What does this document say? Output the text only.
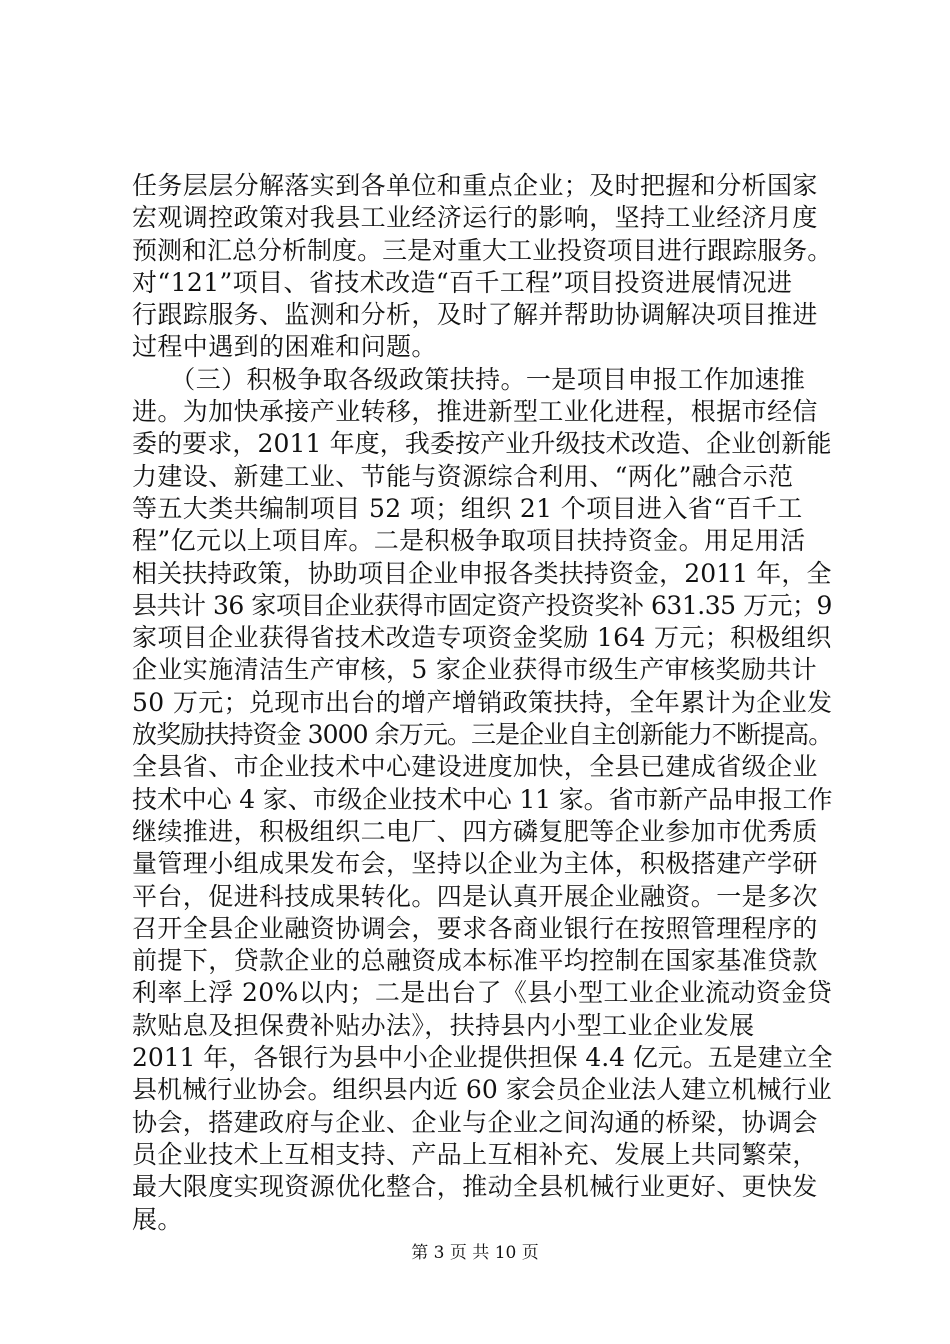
任务层层分解落实到各单位和重点企业；及时把握和分析国家
宏观调控政策对我县工业经济运行的影响，坚持工业经济月度
预测和汇总分析制度。三是对重大工业投资项目进行跟踪服务。
对“121”项目、省技术改造“百千工程”项目投资进展情况进
行跟踪服务、监测和分析，及时了解并帮助协调解决项目推进
过程中遇到的困难和问题。
　　（三）积极争取各级政策扶持。一是项目申报工作加速推
进。为加快承接产业转移，推进新型工业化进程，根据市经信
委的要求，2011 年度，我委按产业升级技术改造、企业创新能
力建设、新建工业、节能与资源综合利用、“两化”融合示范
等五大类共编制项目 52 项；组织 21 个项目进入省“百千工
程”亿元以上项目库。二是积极争取项目扶持资金。用足用活
相关扶持政策，协助项目企业申报各类扶持资金，2011 年，全
县共计 36 家项目企业获得市固定资产投资奖补 631.35 万元；9
家项目企业获得省技术改造专项资金奖励 164 万元；积极组织
企业实施清洁生产审核，5 家企业获得市级生产审核奖励共计
50 万元；兑现市出台的增产增销政策扶持，全年累计为企业发
放奖励扶持资金 3000 余万元。三是企业自主创新能力不断提高。
全县省、市企业技术中心建设进度加快，全县已建成省级企业
技术中心 4 家、市级企业技术中心 11 家。省市新产品申报工作
继续推进，积极组织二电厂、四方磷复肥等企业参加市优秀质
量管理小组成果发布会，坚持以企业为主体，积极搭建产学研
平台，促进科技成果转化。四是认真开展企业融资。一是多次
召开全县企业融资协调会，要求各商业银行在按照管理程序的
前提下，贷款企业的总融资成本标准平均控制在国家基准贷款
利率上浮 20%以内；二是出台了《县小型工业企业流动资金贷
款贴息及担保费补贴办法》，扶持县内小型工业企业发展
2011 年，各银行为县中小企业提供担保 4.4 亿元。五是建立全
县机械行业协会。组织县内近 60 家会员企业法人建立机械行业
协会，搭建政府与企业、企业与企业之间沟通的桥梁，协调会
员企业技术上互相支持、产品上互相补充、发展上共同繁荣，
最大限度实现资源优化整合，推动全县机械行业更好、更快发
展。
第 3 页 共 10 页
